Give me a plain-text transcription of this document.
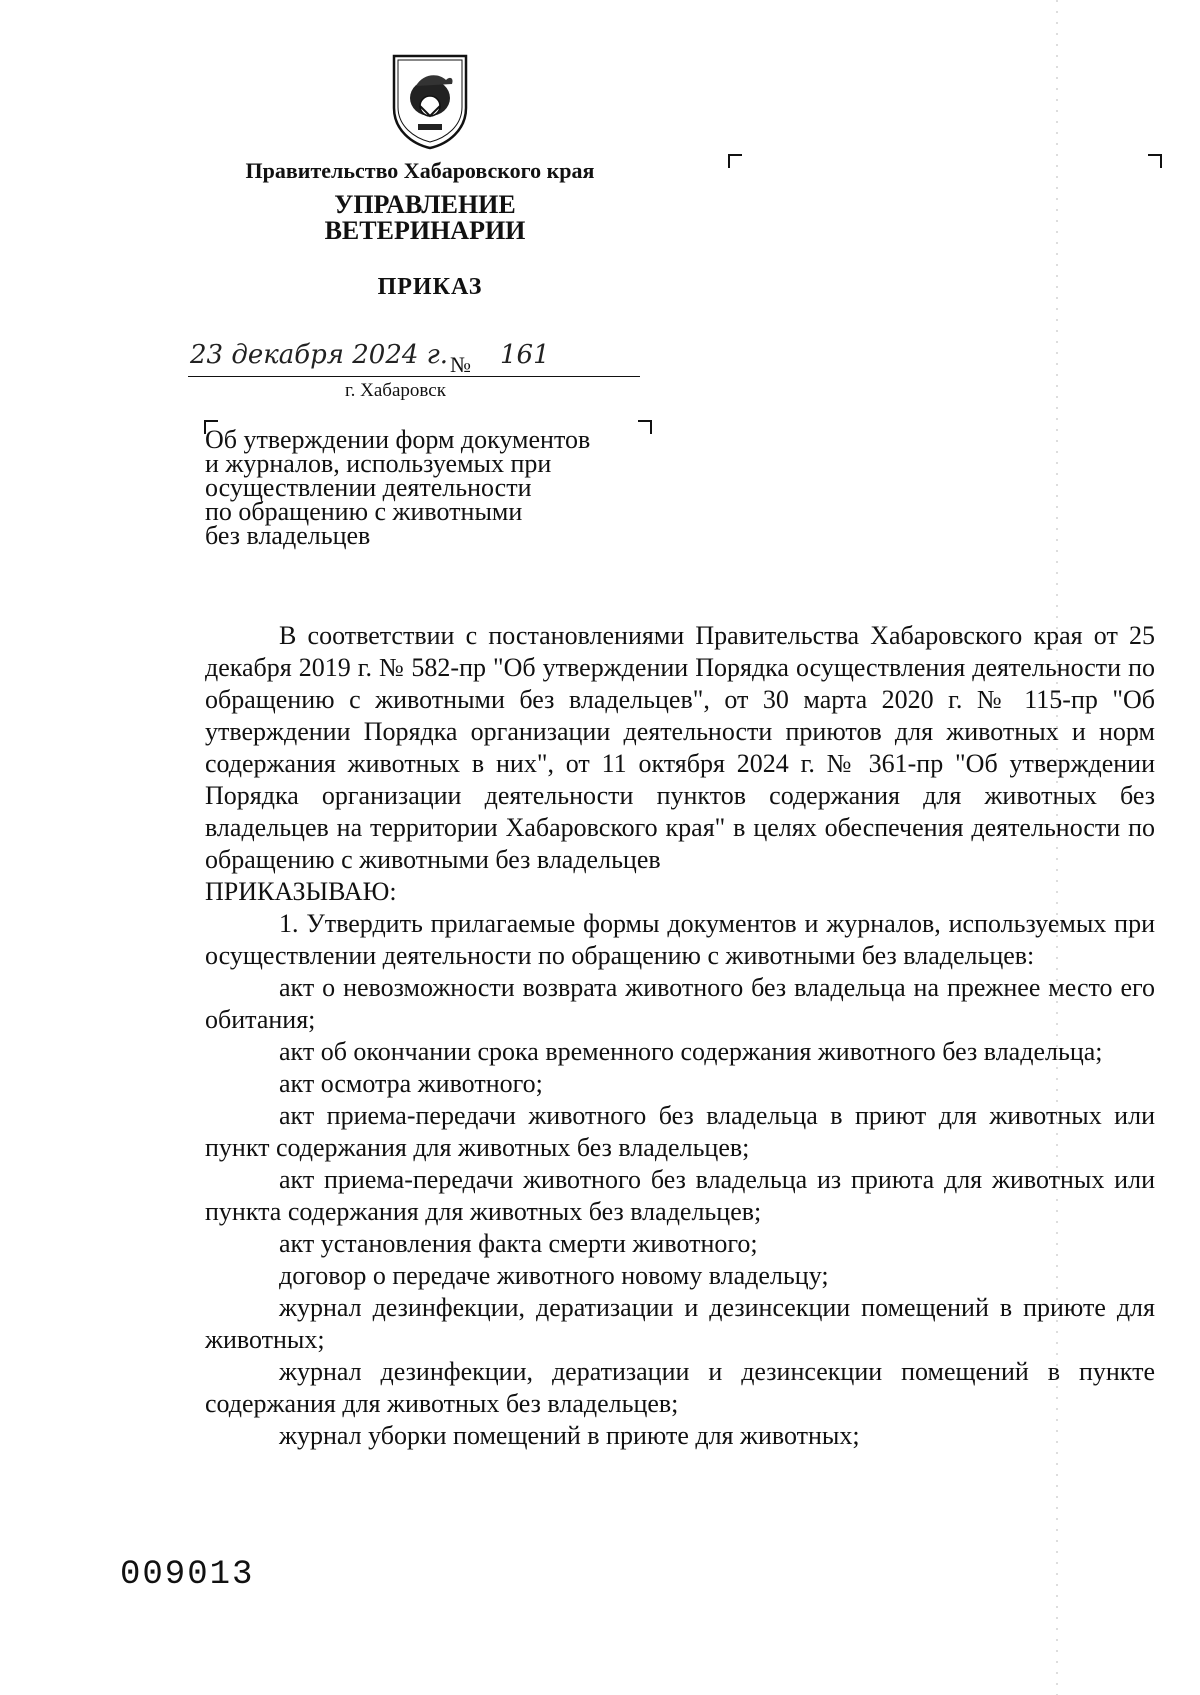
Правительство Хабаровского края
УПРАВЛЕНИЕ
ВЕТЕРИНАРИИ
ПРИКАЗ
23 декабря 2024 г. № 161
г. Хабаровск
Об утверждении форм документов
и журналов, используемых при
осуществлении деятельности
по обращению с животными
без владельцев

В соответствии с постановлениями Правительства Хабаровского края от 25 декабря 2019 г. № 582-пр "Об утверждении Порядка осуществления деятельности по обращению с животными без владельцев", от 30 марта 2020 г. № 115-пр "Об утверждении Порядка организации деятельности приютов для животных и норм содержания животных в них", от 11 октября 2024 г. № 361-пр "Об утверждении Порядка организации деятельности пунктов содержания для животных без владельцев на территории Хабаровского края" в целях обеспечения деятельности по обращению с животными без владельцев

ПРИКАЗЫВАЮ:

1. Утвердить прилагаемые формы документов и журналов, используемых при осуществлении деятельности по обращению с животными без владельцев:

акт о невозможности возврата животного без владельца на прежнее место его обитания;

акт об окончании срока временного содержания животного без владельца;

акт осмотра животного;

акт приема-передачи животного без владельца в приют для животных или пункт содержания для животных без владельцев;

акт приема-передачи животного без владельца из приюта для животных или пункта содержания для животных без владельцев;

акт установления факта смерти животного;

договор о передаче животного новому владельцу;

журнал дезинфекции, дератизации и дезинсекции помещений в приюте для животных;

журнал дезинфекции, дератизации и дезинсекции помещений в пункте содержания для животных без владельцев;

журнал уборки помещений в приюте для животных;

009013
